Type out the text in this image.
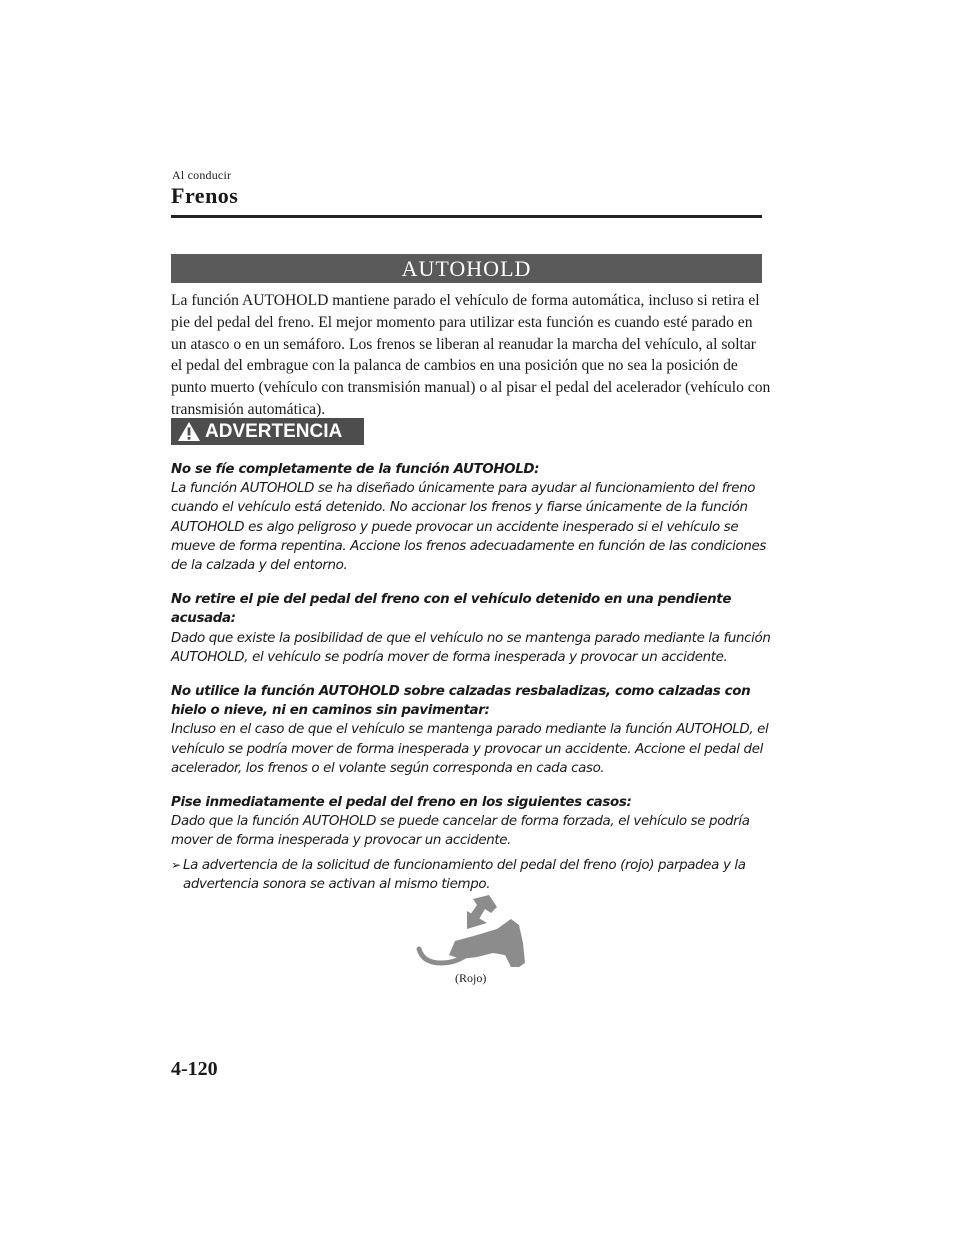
Al conducir
Frenos
AUTOHOLD

La función AUTOHOLD mantiene parado el vehículo de forma automática, incluso si retira el pie del pedal del freno. El mejor momento para utilizar esta función es cuando esté parado en un atasco o en un semáforo. Los frenos se liberan al reanudar la marcha del vehículo, al soltar el pedal del embrague con la palanca de cambios en una posición que no sea la posición de punto muerto (vehículo con transmisión manual) o al pisar el pedal del acelerador (vehículo con transmisión automática).

ADVERTENCIA

No se fíe completamente de la función AUTOHOLD:
La función AUTOHOLD se ha diseñado únicamente para ayudar al funcionamiento del freno cuando el vehículo está detenido. No accionar los frenos y fiarse únicamente de la función AUTOHOLD es algo peligroso y puede provocar un accidente inesperado si el vehículo se mueve de forma repentina. Accione los frenos adecuadamente en función de las condiciones de la calzada y del entorno.

No retire el pie del pedal del freno con el vehículo detenido en una pendiente acusada:
Dado que existe la posibilidad de que el vehículo no se mantenga parado mediante la función AUTOHOLD, el vehículo se podría mover de forma inesperada y provocar un accidente.

No utilice la función AUTOHOLD sobre calzadas resbaladizas, como calzadas con hielo o nieve, ni en caminos sin pavimentar:
Incluso en el caso de que el vehículo se mantenga parado mediante la función AUTOHOLD, el vehículo se podría mover de forma inesperada y provocar un accidente. Accione el pedal del acelerador, los frenos o el volante según corresponda en cada caso.

Pise inmediatamente el pedal del freno en los siguientes casos:
Dado que la función AUTOHOLD se puede cancelar de forma forzada, el vehículo se podría mover de forma inesperada y provocar un accidente.

➢ La advertencia de la solicitud de funcionamiento del pedal del freno (rojo) parpadea y la advertencia sonora se activan al mismo tiempo.
(Rojo)
4-120
